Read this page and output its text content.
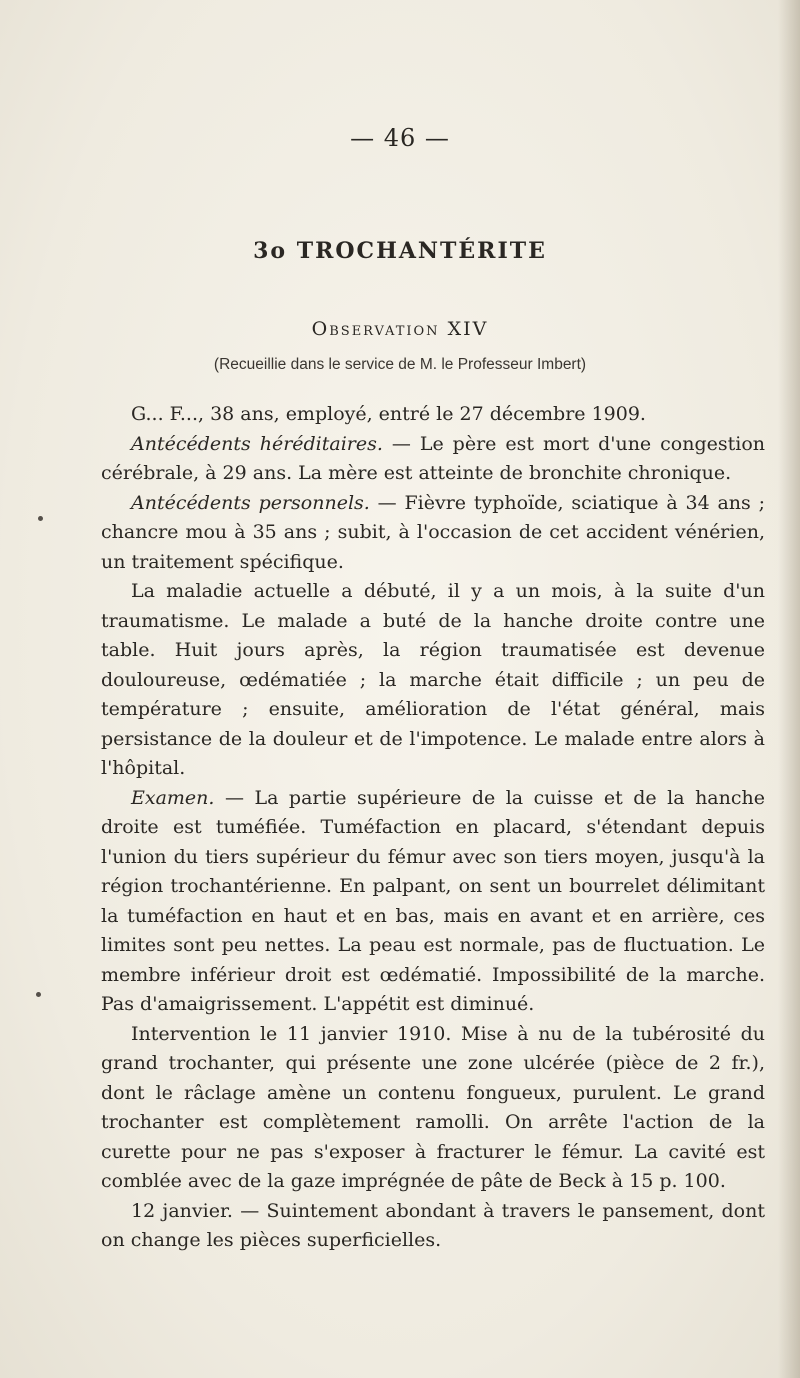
— 46 —
3o TROCHANTÉRITE
Observation XIV
(Recueillie dans le service de M. le Professeur Imbert)

G... F..., 38 ans, employé, entré le 27 décembre 1909.

Antécédents héréditaires. — Le père est mort d'une congestion cérébrale, à 29 ans. La mère est atteinte de bronchite chronique.

Antécédents personnels. — Fièvre typhoïde, sciatique à 34 ans ; chancre mou à 35 ans ; subit, à l'occasion de cet accident vénérien, un traitement spécifique.

La maladie actuelle a débuté, il y a un mois, à la suite d'un traumatisme. Le malade a buté de la hanche droite contre une table. Huit jours après, la région traumatisée est devenue douloureuse, œdématiée ; la marche était difficile ; un peu de température ; ensuite, amélioration de l'état général, mais persistance de la douleur et de l'impotence. Le malade entre alors à l'hôpital.

Examen. — La partie supérieure de la cuisse et de la hanche droite est tuméfiée. Tuméfaction en placard, s'étendant depuis l'union du tiers supérieur du fémur avec son tiers moyen, jusqu'à la région trochantérienne. En palpant, on sent un bourrelet délimitant la tuméfaction en haut et en bas, mais en avant et en arrière, ces limites sont peu nettes. La peau est normale, pas de fluctuation. Le membre inférieur droit est œdématié. Impossibilité de la marche. Pas d'amaigrissement. L'appétit est diminué.

Intervention le 11 janvier 1910. Mise à nu de la tubérosité du grand trochanter, qui présente une zone ulcérée (pièce de 2 fr.), dont le râclage amène un contenu fongueux, purulent. Le grand trochanter est complètement ramolli. On arrête l'action de la curette pour ne pas s'exposer à fracturer le fémur. La cavité est comblée avec de la gaze imprégnée de pâte de Beck à 15 p. 100.

12 janvier. — Suintement abondant à travers le pansement, dont on change les pièces superficielles.
